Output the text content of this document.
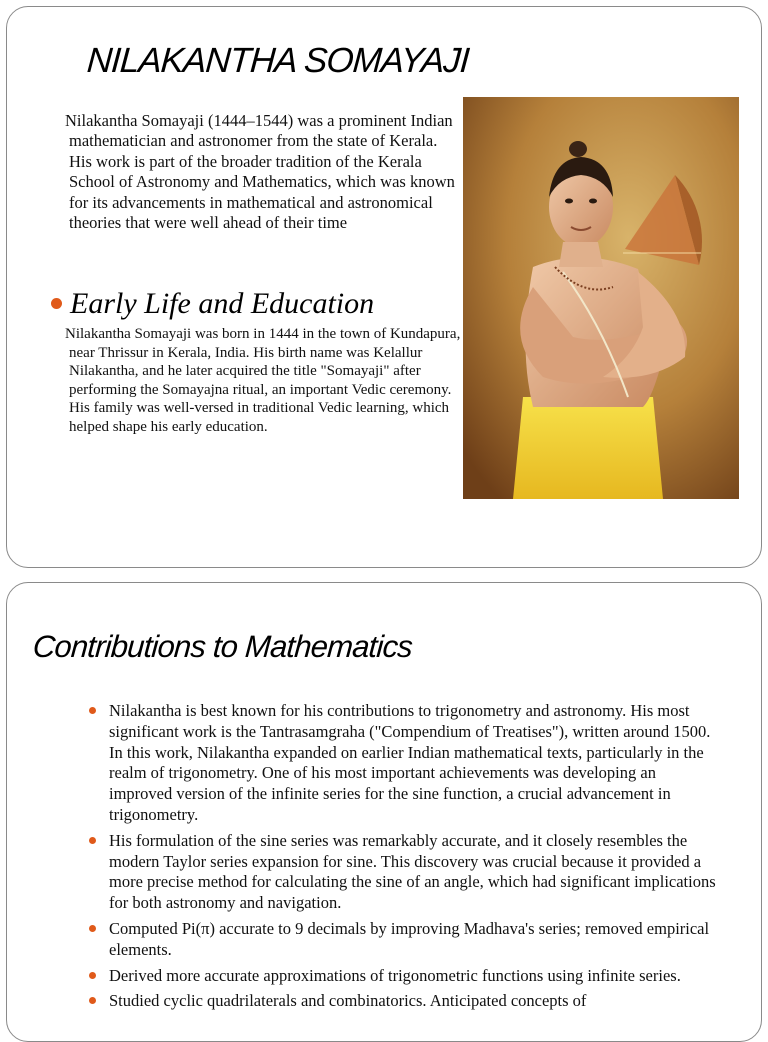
NILAKANTHA SOMAYAJI
Nilakantha Somayaji (1444–1544) was a prominent Indian mathematician and astronomer from the state of Kerala. His work is part of the broader tradition of the Kerala School of Astronomy and Mathematics, which was known for its advancements in mathematical and astronomical theories that were well ahead of their time
Early Life and Education
Nilakantha Somayaji was born in 1444 in the town of Kundapura, near Thrissur in Kerala, India. His birth name was Kelallur Nilakantha, and he later acquired the title "Somayaji" after performing the Somayajna ritual, an important Vedic ceremony. His family was well-versed in traditional Vedic learning, which helped shape his early education.
Contributions to Mathematics
Nilakantha is best known for his contributions to trigonometry and astronomy. His most significant work is the Tantrasamgraha ("Compendium of Treatises"), written around 1500. In this work, Nilakantha expanded on earlier Indian mathematical texts, particularly in the realm of trigonometry. One of his most important achievements was developing an improved version of the infinite series for the sine function, a crucial advancement in trigonometry.
His formulation of the sine series was remarkably accurate, and it closely resembles the modern Taylor series expansion for sine. This discovery was crucial because it provided a more precise method for calculating the sine of an angle, which had significant implications for both astronomy and navigation.
Computed Pi(π) accurate to 9 decimals by improving Madhava's series; removed empirical elements.
Derived more accurate approximations of trigonometric functions using infinite series.
Studied cyclic quadrilaterals and combinatorics. Anticipated concepts of
